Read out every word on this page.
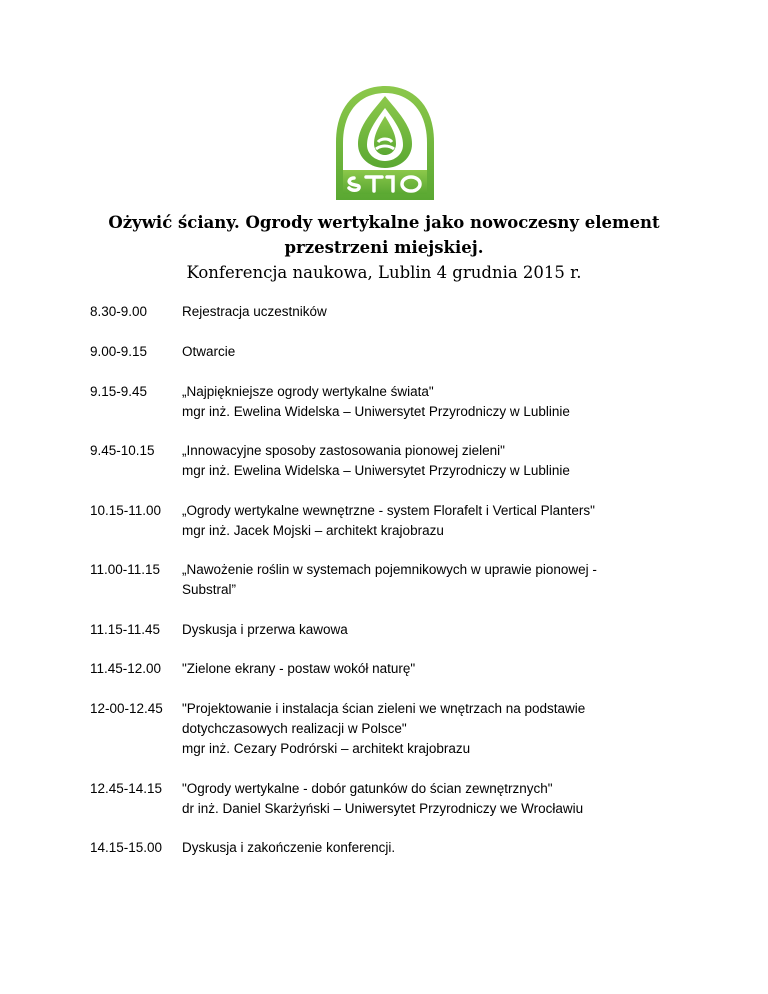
Ożywić ściany. Ogrody wertykalne jako nowoczesny element
przestrzeni miejskiej.
Konferencja naukowa, Lublin 4 grudnia 2015 r.
8.30-9.00	Rejestracja uczestników
9.00-9.15	Otwarcie
9.15-9.45	„Najpiękniejsze ogrody wertykalne świata"
mgr inż. Ewelina Widelska – Uniwersytet Przyrodniczy w Lublinie
9.45-10.15	„Innowacyjne sposoby zastosowania pionowej zieleni"
mgr inż. Ewelina Widelska – Uniwersytet Przyrodniczy w Lublinie
10.15-11.00	„Ogrody wertykalne wewnętrzne - system Florafelt i Vertical Planters"
mgr inż. Jacek Mojski – architekt krajobrazu
11.00-11.15	„Nawożenie roślin w systemach pojemnikowych w uprawie pionowej -
Substral”
11.15-11.45	Dyskusja i przerwa kawowa
11.45-12.00	"Zielone ekrany - postaw wokół naturę"
12-00-12.45	"Projektowanie i instalacja ścian zieleni we wnętrzach na podstawie
dotychczasowych realizacji w Polsce"
mgr inż. Cezary Podrórski – architekt krajobrazu
12.45-14.15	"Ogrody wertykalne - dobór gatunków do ścian zewnętrznych"
dr inż. Daniel Skarżyński – Uniwersytet Przyrodniczy we Wrocławiu
14.15-15.00	Dyskusja i zakończenie konferencji.
